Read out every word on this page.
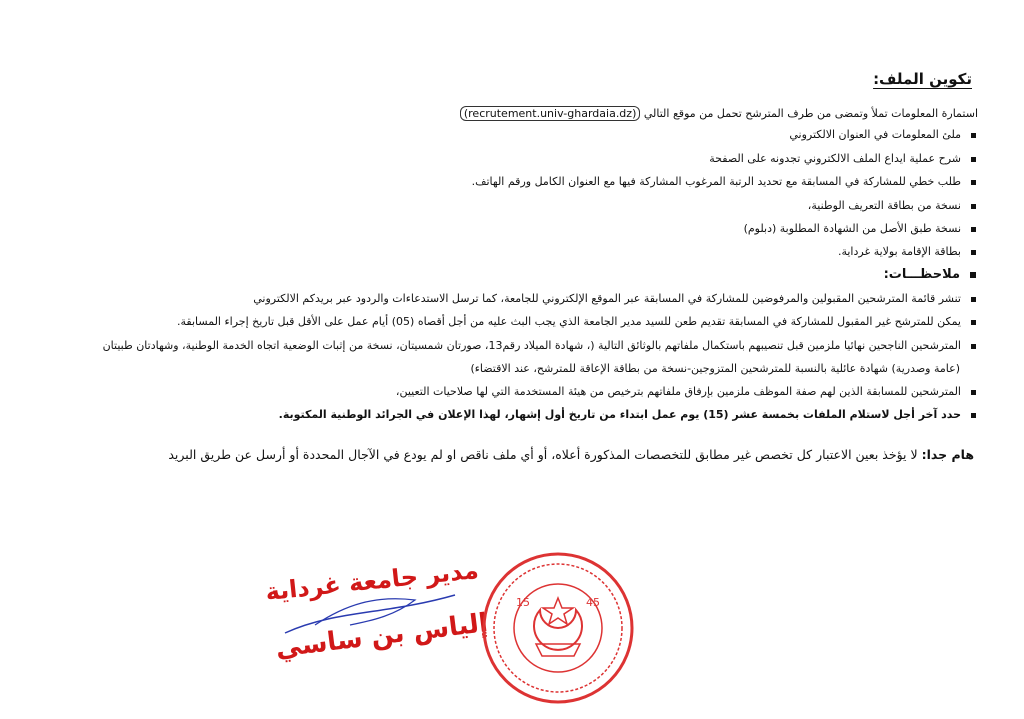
تكوين الملف:
استمارة المعلومات تملأ وتمضى من طرف المترشح تحمل من موقع التالي (recrutement.univ-ghardaia.dz)
ملئ المعلومات في العنوان الالكتروني
شرح عملية ايداع الملف الالكتروني تجدونه على الصفحة
طلب خطي للمشاركة في المسابقة مع تحديد الرتبة المرغوب المشاركة فيها مع العنوان الكامل ورقم الهاتف.
نسخة من بطاقة التعريف الوطنية،
نسخة طبق الأصل من الشهادة المطلوبة (دبلوم)
بطاقة الإقامة بولاية غرداية.
ملاحظـــات:
تنشر قائمة المترشحين المقبولين والمرفوضين للمشاركة في المسابقة عبر الموقع الإلكتروني للجامعة، كما ترسل الاستدعاءات والردود عبر بريدكم الالكتروني
يمكن للمترشح غير المقبول للمشاركة في المسابقة تقديم طعن للسيد مدير الجامعة الذي يجب البث عليه من أجل أقصاه (05) أيام عمل على الأقل قبل تاريخ إجراء المسابقة.
المترشحين الناجحين نهائيا ملزمين قبل تنصيبهم باستكمال ملفاتهم بالوثائق التالية (، شهادة الميلاد رقم13، صورتان شمسيتان، نسخة من إثبات الوضعية اتجاه الخدمة الوطنية، وشهادتان طبيتان
(عامة وصدرية) شهادة عائلية بالنسبة للمترشحين المتزوجين-نسخة من بطاقة الإعاقة للمترشح، عند الاقتضاء)
المترشحين للمسابقة الذين لهم صفة الموظف ملزمين بإرفاق ملفاتهم بترخيص من هيئة المستخدمة التي لها صلاحيات التعيين،
حدد آخر أجل لاستلام الملفات بخمسة عشر (15) يوم عمل ابتداء من تاريخ أول إشهار، لهذا الإعلان في الجرائد الوطنية المكتوبة.
هام جدا: لا يؤخذ بعين الاعتبار كل تخصص غير مطابق للتخصصات المذكورة أعلاه، أو أي ملف ناقص او لم يودع في الآجال المحددة أو أرسل عن طريق البريد
مدير جامعة غرداية
إلياس بن ساسي
15	45
